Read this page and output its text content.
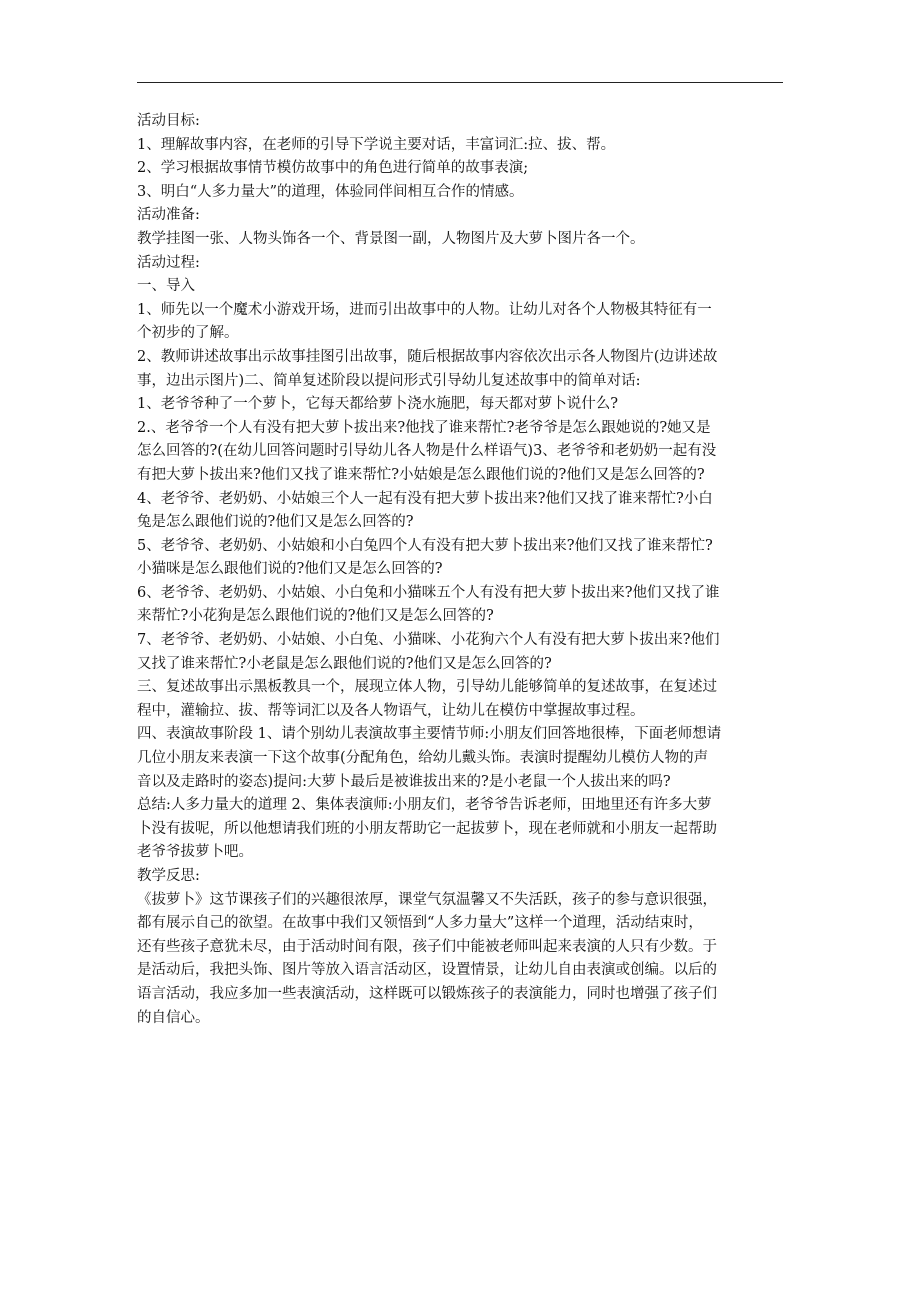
活动目标:

1、理解故事内容，在老师的引导下学说主要对话，丰富词汇:拉、拔、帮。

2、学习根据故事情节模仿故事中的角色进行简单的故事表演;

3、明白“人多力量大”的道理，体验同伴间相互合作的情感。

活动准备:

教学挂图一张、人物头饰各一个、背景图一副，人物图片及大萝卜图片各一个。

活动过程:

一、导入

1、师先以一个魔术小游戏开场，进而引出故事中的人物。让幼儿对各个人物极其特征有一

个初步的了解。

2、教师讲述故事出示故事挂图引出故事，随后根据故事内容依次出示各人物图片(边讲述故

事，边出示图片)二、简单复述阶段以提问形式引导幼儿复述故事中的简单对话:

1、老爷爷种了一个萝卜，它每天都给萝卜浇水施肥，每天都对萝卜说什么?

2.、老爷爷一个人有没有把大萝卜拔出来?他找了谁来帮忙?老爷爷是怎么跟她说的?她又是

怎么回答的?(在幼儿回答问题时引导幼儿各人物是什么样语气)3、老爷爷和老奶奶一起有没

有把大萝卜拔出来?他们又找了谁来帮忙?小姑娘是怎么跟他们说的?他们又是怎么回答的?

4、老爷爷、老奶奶、小姑娘三个人一起有没有把大萝卜拔出来?他们又找了谁来帮忙?小白

兔是怎么跟他们说的?他们又是怎么回答的?

5、老爷爷、老奶奶、小姑娘和小白兔四个人有没有把大萝卜拔出来?他们又找了谁来帮忙?

小猫咪是怎么跟他们说的?他们又是怎么回答的?

6、老爷爷、老奶奶、小姑娘、小白兔和小猫咪五个人有没有把大萝卜拔出来?他们又找了谁

来帮忙?小花狗是怎么跟他们说的?他们又是怎么回答的?

7、老爷爷、老奶奶、小姑娘、小白兔、小猫咪、小花狗六个人有没有把大萝卜拔出来?他们

又找了谁来帮忙?小老鼠是怎么跟他们说的?他们又是怎么回答的?

三、复述故事出示黑板教具一个，展现立体人物，引导幼儿能够简单的复述故事，在复述过

程中，灌输拉、拔、帮等词汇以及各人物语气，让幼儿在模仿中掌握故事过程。

四、表演故事阶段 1、请个别幼儿表演故事主要情节师:小朋友们回答地很棒，下面老师想请

几位小朋友来表演一下这个故事(分配角色，给幼儿戴头饰。表演时提醒幼儿模仿人物的声

音以及走路时的姿态)提问:大萝卜最后是被谁拔出来的?是小老鼠一个人拔出来的吗?

总结:人多力量大的道理 2、集体表演师:小朋友们，老爷爷告诉老师，田地里还有许多大萝

卜没有拔呢，所以他想请我们班的小朋友帮助它一起拔萝卜，现在老师就和小朋友一起帮助

老爷爷拔萝卜吧。

教学反思:

《拔萝卜》这节课孩子们的兴趣很浓厚，课堂气氛温馨又不失活跃，孩子的参与意识很强，

都有展示自己的欲望。在故事中我们又领悟到“人多力量大”这样一个道理，活动结束时，

还有些孩子意犹未尽，由于活动时间有限，孩子们中能被老师叫起来表演的人只有少数。于

是活动后，我把头饰、图片等放入语言活动区，设置情景，让幼儿自由表演或创编。以后的

语言活动，我应多加一些表演活动，这样既可以锻炼孩子的表演能力，同时也增强了孩子们

的自信心。
